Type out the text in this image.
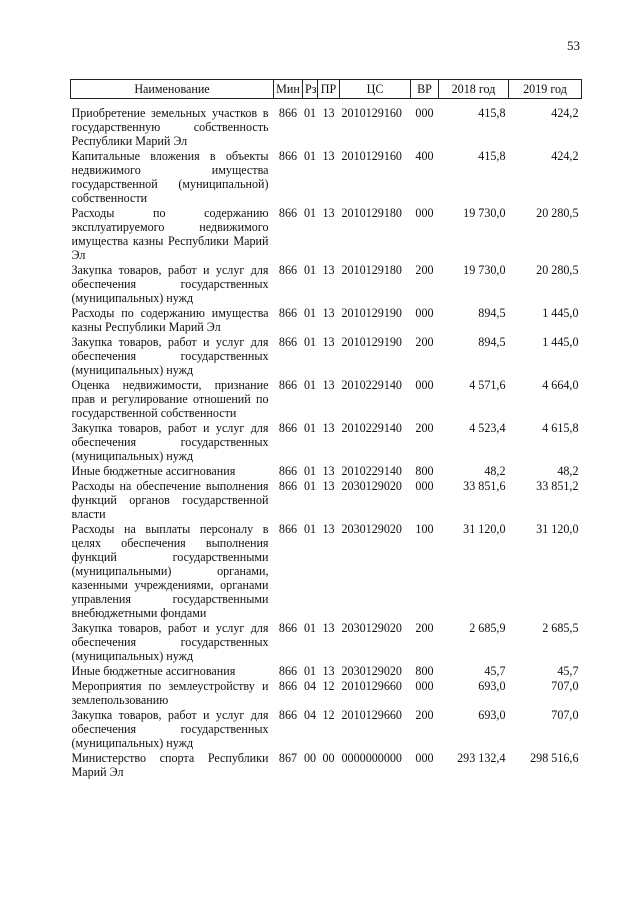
53
Наименование	Мин	Рз	ПР	ЦС	ВР	2018 год	2019 год
Приобретение земельных участков в государственную собственность Республики Марий Эл	866	01	13	2010129160	000	415,8	424,2
Капитальные вложения в объекты недвижимого имущества государственной (муниципальной) собственности	866	01	13	2010129160	400	415,8	424,2
Расходы по содержанию эксплуатируемого недвижимого имущества казны Республики Марий Эл	866	01	13	2010129180	000	19 730,0	20 280,5
Закупка товаров, работ и услуг для обеспечения государственных (муниципальных) нужд	866	01	13	2010129180	200	19 730,0	20 280,5
Расходы по содержанию имущества казны Республики Марий Эл	866	01	13	2010129190	000	894,5	1 445,0
Закупка товаров, работ и услуг для обеспечения государственных (муниципальных) нужд	866	01	13	2010129190	200	894,5	1 445,0
Оценка недвижимости, признание прав и регулирование отношений по государственной собственности	866	01	13	2010229140	000	4 571,6	4 664,0
Закупка товаров, работ и услуг для обеспечения государственных (муниципальных) нужд	866	01	13	2010229140	200	4 523,4	4 615,8
Иные бюджетные ассигнования	866	01	13	2010229140	800	48,2	48,2
Расходы на обеспечение выполнения функций органов государственной власти	866	01	13	2030129020	000	33 851,6	33 851,2
Расходы на выплаты персоналу в целях обеспечения выполнения функций государственными (муниципальными) органами, казенными учреждениями, органами управления государственными внебюджетными фондами	866	01	13	2030129020	100	31 120,0	31 120,0
Закупка товаров, работ и услуг для обеспечения государственных (муниципальных) нужд	866	01	13	2030129020	200	2 685,9	2 685,5
Иные бюджетные ассигнования	866	01	13	2030129020	800	45,7	45,7
Мероприятия по землеустройству и землепользованию	866	04	12	2010129660	000	693,0	707,0
Закупка товаров, работ и услуг для обеспечения государственных (муниципальных) нужд	866	04	12	2010129660	200	693,0	707,0
Министерство спорта Республики Марий Эл	867	00	00	0000000000	000	293 132,4	298 516,6
